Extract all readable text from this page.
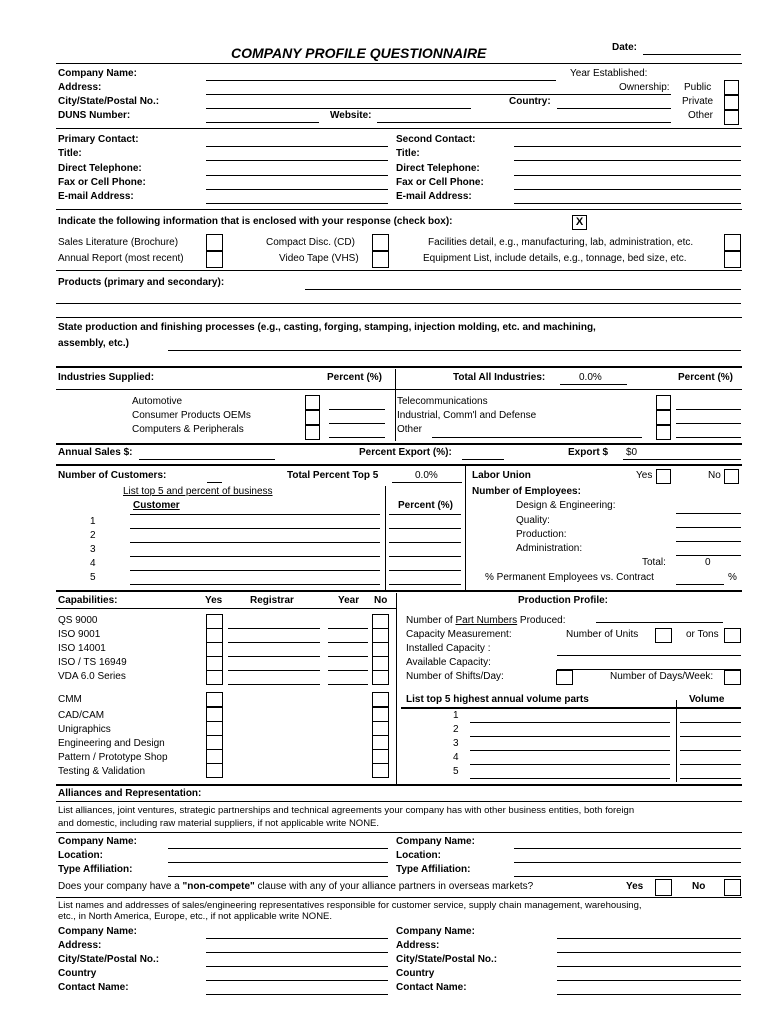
COMPANY PROFILE QUESTIONNAIRE	Date:
Company Name:
Address:
City/State/Postal No.:
DUNS Number:	Website:
Country:
Year Established:
Ownership: Public
Private
Other
Primary Contact:
Title:
Direct Telephone:
Fax or Cell Phone:
E-mail Address:
Second Contact:
Title:
Direct Telephone:
Fax or Cell Phone:
E-mail Address:
Indicate the following information that is enclosed with your response (check box):	X
Sales Literature (Brochure)
Annual Report (most recent)
Compact Disc. (CD)
Video Tape (VHS)
Facilities detail, e.g., manufacturing, lab, administration, etc.
Equipment List, include details, e.g., tonnage, bed size, etc.
Products (primary and secondary):
State production and finishing processes (e.g., casting, forging, stamping, injection molding, etc. and machining,
assembly, etc.)
Industries Supplied:	Percent (%)	Total All Industries:	0.0%	Percent (%)
Automotive
Consumer Products OEMs
Computers & Peripherals
Telecommunications
Industrial, Comm'l and Defense
Other
Annual Sales $:	Percent Export (%):	Export $ $0
Number of Customers:	Total Percent Top 5	0.0%
List top 5 and percent of business
Customer	Percent (%)
1
2
3
4
5
Labor Union	Yes	No
Number of Employees:
Design & Engineering:
Quality:
Production:
Administration:
Total:	0
% Permanent Employees vs. Contract	%
Capabilities:	Yes	Registrar	Year No
QS 9000
ISO 9001
ISO 14001
ISO / TS 16949
VDA 6.0 Series
CMM
CAD/CAM
Unigraphics
Engineering and Design
Pattern / Prototype Shop
Testing & Validation
Production Profile:
Number of Part Numbers Produced:
Capacity Measurement:	Number of Units	or Tons
Installed Capacity :
Available Capacity:
Number of Shifts/Day:	Number of Days/Week:
List top 5 highest annual volume parts	Volume
1
2
3
4
5
Alliances and Representation:
List alliances, joint ventures, strategic partnerships and technical agreements your company has with other business entities, both foreign
and domestic, including raw material suppliers, if not applicable write NONE.
Company Name:
Location:
Type Affiliation:
Company Name:
Location:
Type Affiliation:
Does your company have a "non-compete" clause with any of your alliance partners in overseas markets?	Yes	No
List names and addresses of sales/engineering representatives responsible for customer service, supply chain management, warehousing,
etc., in North America, Europe, etc., if not applicable write NONE.
Company Name:
Address:
City/State/Postal No.:
Country
Contact Name:
Company Name:
Address:
City/State/Postal No.:
Country
Contact Name:
